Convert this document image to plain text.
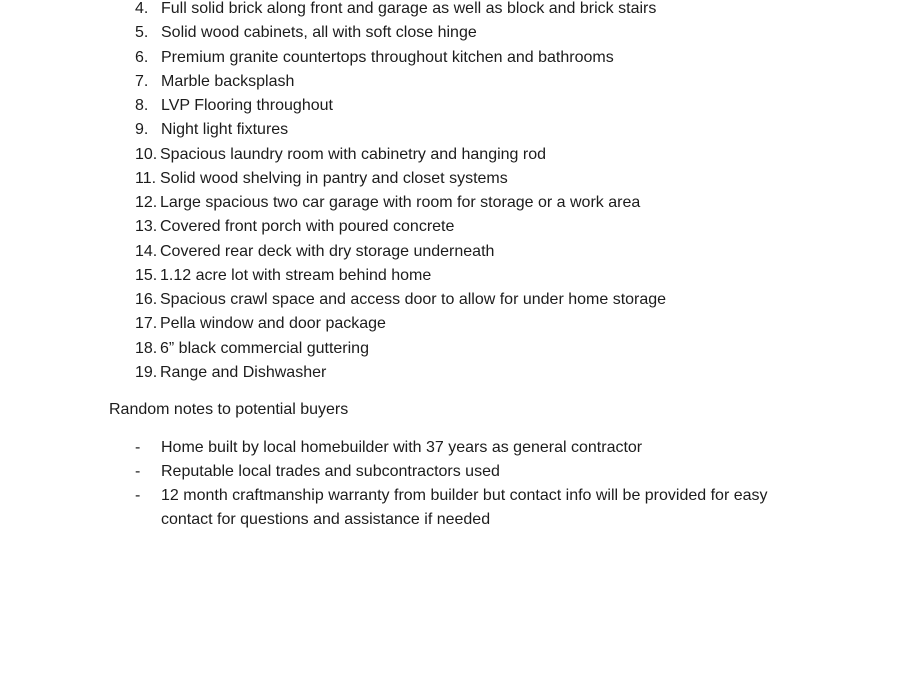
4. Full solid brick along front and garage as well as block and brick stairs
5. Solid wood cabinets, all with soft close hinge
6. Premium granite countertops throughout kitchen and bathrooms
7. Marble backsplash
8. LVP Flooring throughout
9. Night light fixtures
10. Spacious laundry room with cabinetry and hanging rod
11. Solid wood shelving in pantry and closet systems
12. Large spacious two car garage with room for storage or a work area
13. Covered front porch with poured concrete
14. Covered rear deck with dry storage underneath
15. 1.12 acre lot with stream behind home
16. Spacious crawl space and access door to allow for under home storage
17. Pella window and door package
18. 6” black commercial guttering
19. Range and Dishwasher
Random notes to potential buyers
-	Home built by local homebuilder with 37 years as general contractor
-	Reputable local trades and subcontractors used
-	12 month craftmanship warranty from builder but contact info will be provided for easy contact for questions and assistance if needed
